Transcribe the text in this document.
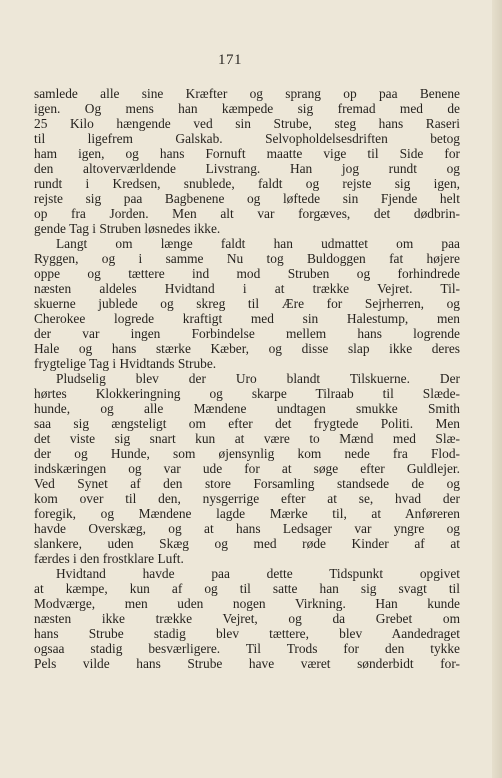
171
samlede alle sine Kræfter og sprang op paa Benene
igen. Og mens han kæmpede sig fremad med de
25 Kilo hængende ved sin Strube, steg hans Raseri
til ligefrem Galskab. Selvopholdelsesdriften betog
ham igen, og hans Fornuft maatte vige til Side for
den altoverværldende Livstrang. Han jog rundt og
rundt i Kredsen, snublede, faldt og rejste sig igen,
rejste sig paa Bagbenene og løftede sin Fjende helt
op fra Jorden. Men alt var forgæves, det dødbrin-
gende Tag i Struben løsnedes ikke.
Langt om længe faldt han udmattet om paa
Ryggen, og i samme Nu tog Buldoggen fat højere
oppe og tættere ind mod Struben og forhindrede
næsten aldeles Hvidtand i at trække Vejret. Til-
skuerne jublede og skreg til Ære for Sejrherren, og
Cherokee logrede kraftigt med sin Halestump, men
der var ingen Forbindelse mellem hans logrende
Hale og hans stærke Kæber, og disse slap ikke deres
frygtelige Tag i Hvidtands Strube.
Pludselig blev der Uro blandt Tilskuerne. Der
hørtes Klokkeringning og skarpe Tilraab til Slæde-
hunde, og alle Mændene undtagen smukke Smith
saa sig ængsteligt om efter det frygtede Politi. Men
det viste sig snart kun at være to Mænd med Slæ-
der og Hunde, som øjensynlig kom nede fra Flod-
indskæringen og var ude for at søge efter Guldlejer.
Ved Synet af den store Forsamling standsede de og
kom over til den, nysgerrige efter at se, hvad der
foregik, og Mændene lagde Mærke til, at Anføreren
havde Overskæg, og at hans Ledsager var yngre og
slankere, uden Skæg og med røde Kinder af at
færdes i den frostklare Luft.
Hvidtand havde paa dette Tidspunkt opgivet
at kæmpe, kun af og til satte han sig svagt til
Modværge, men uden nogen Virkning. Han kunde
næsten ikke trække Vejret, og da Grebet om
hans Strube stadig blev tættere, blev Aandedraget
ogsaa stadig besværligere. Til Trods for den tykke
Pels vilde hans Strube have været sønderbidt for-
